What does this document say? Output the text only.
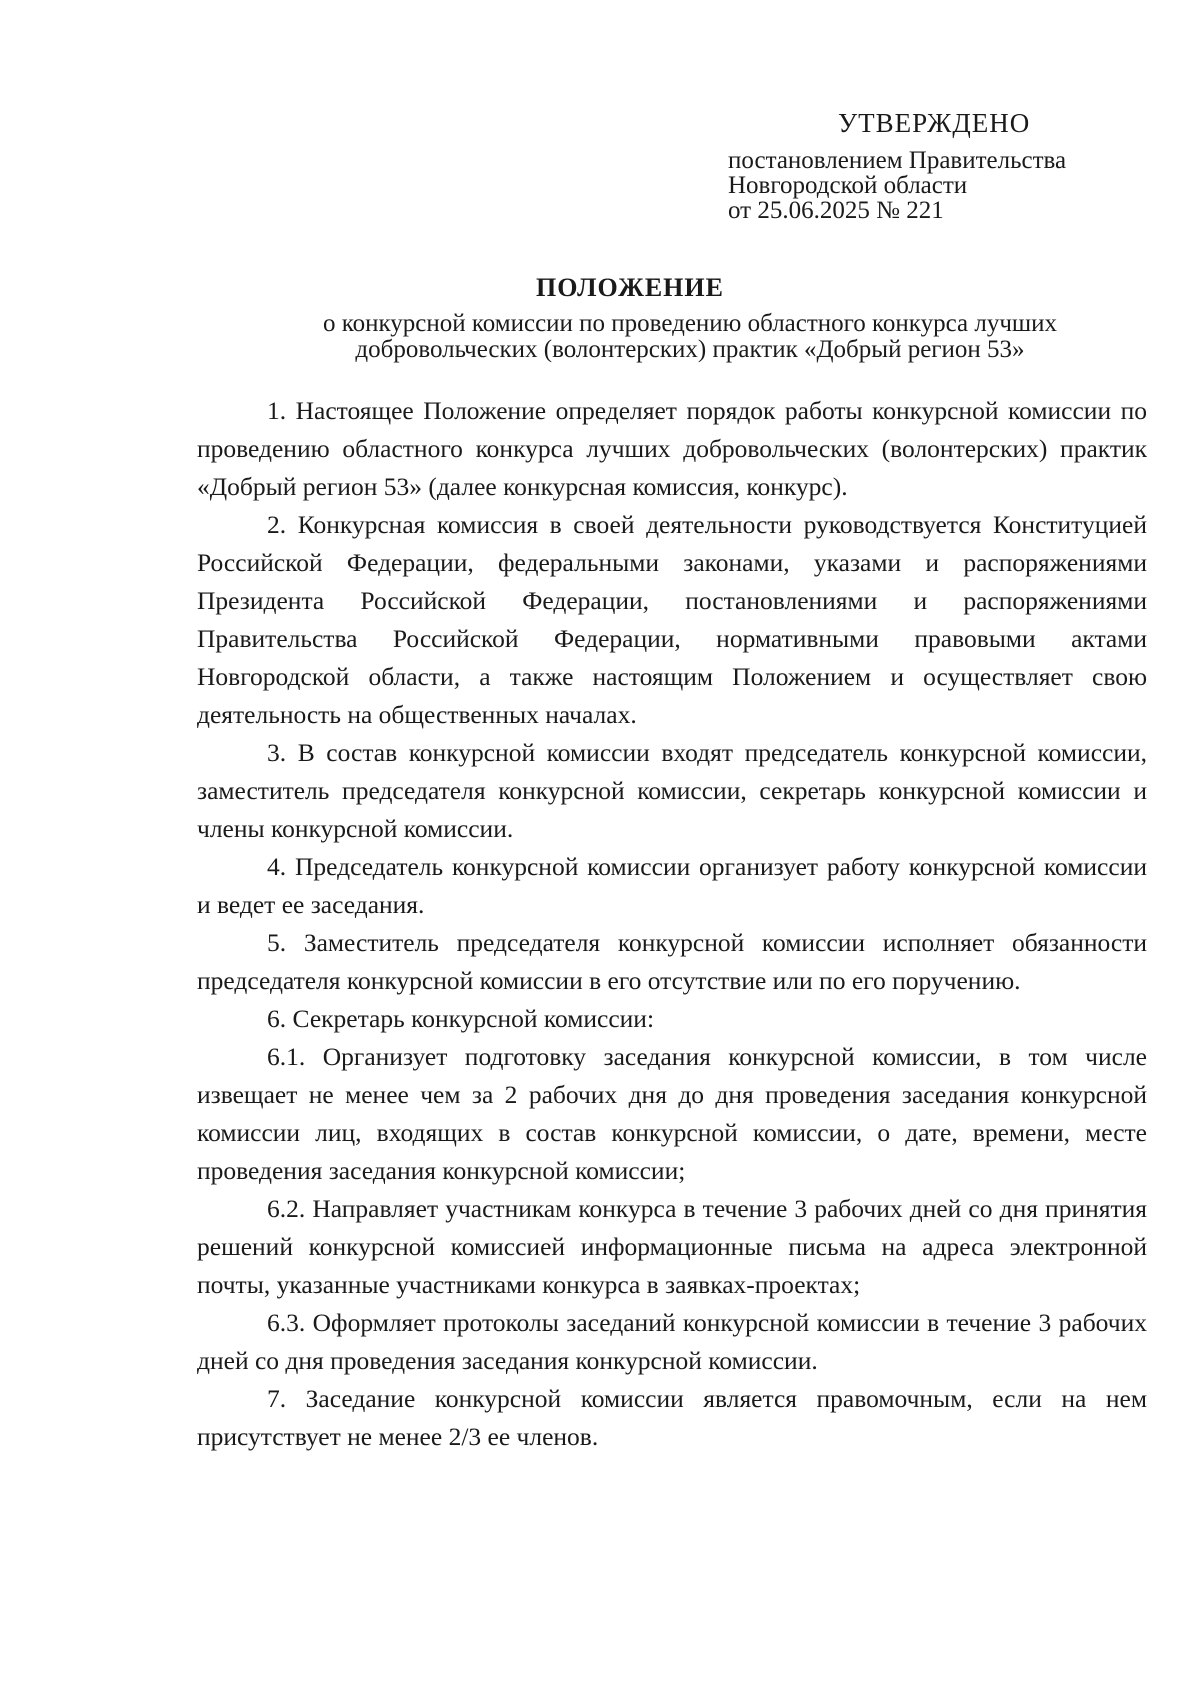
УТВЕРЖДЕНО
постановлением Правительства
Новгородской области
от 25.06.2025 № 221
ПОЛОЖЕНИЕ
о конкурсной комиссии по проведению областного конкурса лучших
добровольческих (волонтерских) практик «Добрый регион 53»

1. Настоящее Положение определяет порядок работы конкурсной комиссии по проведению областного конкурса лучших добровольческих (волонтерских) практик «Добрый регион 53» (далее конкурсная комиссия, конкурс).

2. Конкурсная комиссия в своей деятельности руководствуется Конституцией Российской Федерации, федеральными законами, указами и распоряжениями Президента Российской Федерации, постановлениями и распоряжениями Правительства Российской Федерации, нормативными правовыми актами Новгородской области, а также настоящим Положением и осуществляет свою деятельность на общественных началах.

3. В состав конкурсной комиссии входят председатель конкурсной комиссии, заместитель председателя конкурсной комиссии, секретарь конкурсной комиссии и члены конкурсной комиссии.

4. Председатель конкурсной комиссии организует работу конкурсной комиссии и ведет ее заседания.

5. Заместитель председателя конкурсной комиссии исполняет обязанности председателя конкурсной комиссии в его отсутствие или по его поручению.

6. Секретарь конкурсной комиссии:

6.1. Организует подготовку заседания конкурсной комиссии, в том числе извещает не менее чем за 2 рабочих дня до дня проведения заседания конкурсной комиссии лиц, входящих в состав конкурсной комиссии, о дате, времени, месте проведения заседания конкурсной комиссии;

6.2. Направляет участникам конкурса в течение 3 рабочих дней со дня принятия решений конкурсной комиссией информационные письма на адреса электронной почты, указанные участниками конкурса в заявках-проектах;

6.3. Оформляет протоколы заседаний конкурсной комиссии в течение 3 рабочих дней со дня проведения заседания конкурсной комиссии.

7. Заседание конкурсной комиссии является правомочным, если на нем присутствует не менее 2/3 ее членов.
